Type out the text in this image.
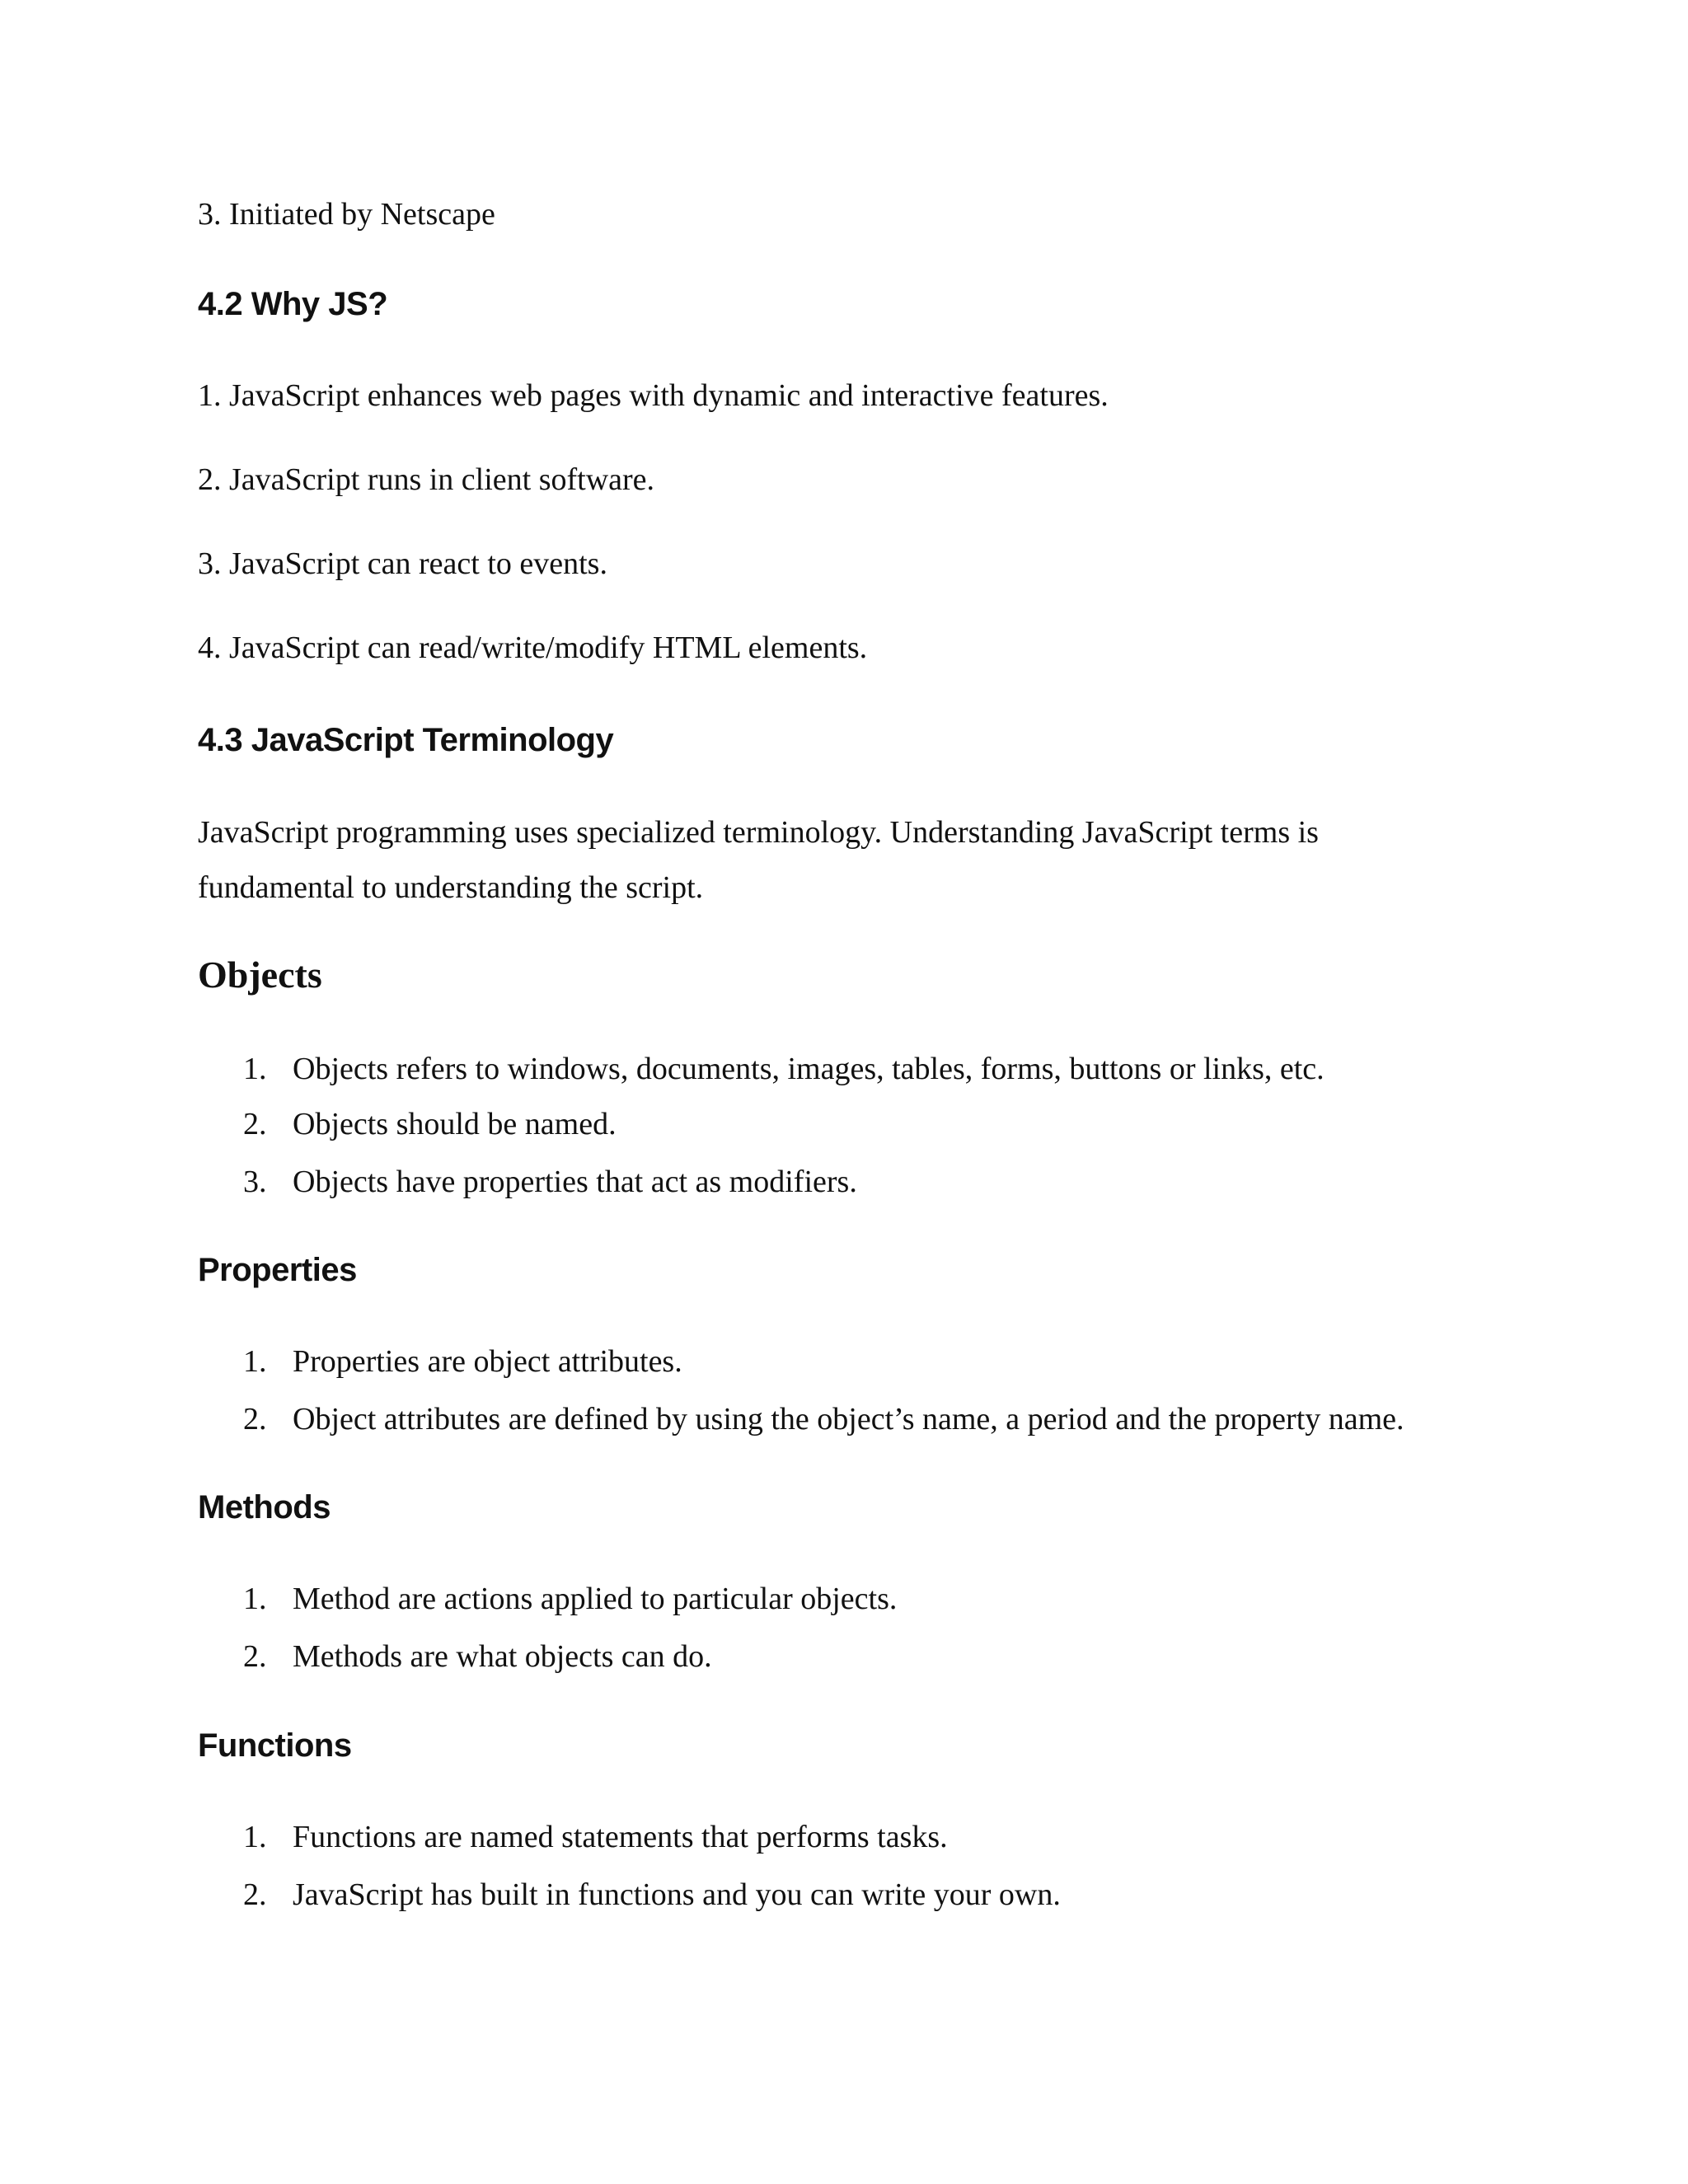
3. Initiated by Netscape
4.2 Why JS?
1. JavaScript enhances web pages with dynamic and interactive features.
2. JavaScript runs in client software.
3. JavaScript can react to events.
4. JavaScript can read/write/modify HTML elements.
4.3 JavaScript Terminology
JavaScript programming uses specialized terminology. Understanding JavaScript terms is
fundamental to understanding the script.
Objects
1. Objects refers to windows, documents, images, tables, forms, buttons or links, etc.
2. Objects should be named.
3. Objects have properties that act as modifiers.
Properties
1. Properties are object attributes.
2. Object attributes are defined by using the object’s name, a period and the property name.
Methods
1. Method are actions applied to particular objects.
2. Methods are what objects can do.
Functions
1. Functions are named statements that performs tasks.
2. JavaScript has built in functions and you can write your own.
